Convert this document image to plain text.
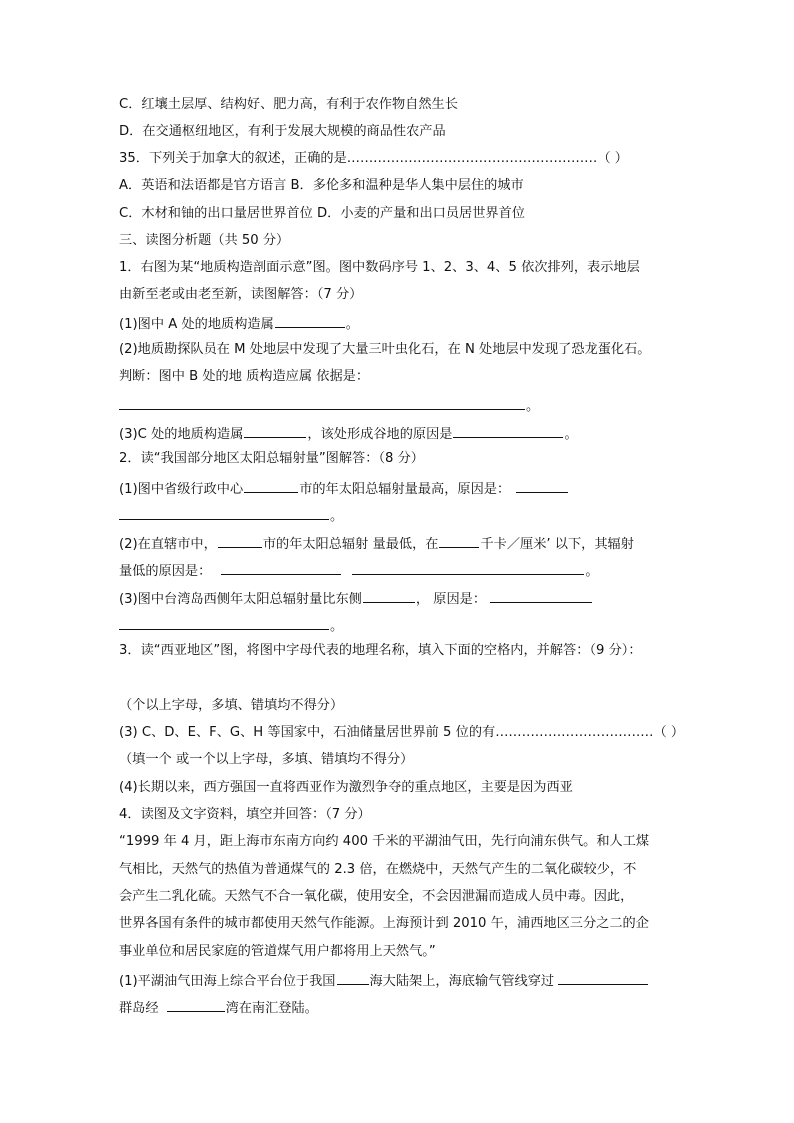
C．红壤土层厚、结构好、肥力高，有利于农作物自然生长
D．在交通枢纽地区，有利于发展大规模的商品性农产品
35．下列关于加拿大的叙述，正确的是…………………………………………………（ ）
A．英语和法语都是官方语言 B．多伦多和温种是华人集中层住的城市
C．木材和铀的出口量居世界首位 D．小麦的产量和出口员居世界首位
三、读图分析题（共 50 分）
1．右图为某“地质构造剖面示意”图。图中数码序号 1、2、3、4、5 依次排列，表示地层
由新至老或由老至新，读图解答：（7 分）
(1)图中 A 处的地质构造属	。
(2)地质勘探队员在 M 处地层中发现了大量三叶虫化石，在 N 处地层中发现了恐龙蛋化石。
判断：图中 B 处的地 质构造应属 依据是：
。
(3)C 处的地质构造属	，该处形成谷地的原因是	。
2．读“我国部分地区太阳总辐射量”图解答：（8 分）
(1)图中省级行政中心	市的年太阳总辐射量最高，原因是：
。
(2)在直辖市中，	市的年太阳总辐射 量最低，在	千卡／厘米’ 以下，其辐射
量低的原因是：	。
(3)图中台湾岛西侧年太阳总辐射量比东侧	， 原因是：
。
3．读“西亚地区”图，将图中字母代表的地理名称，填入下面的空格内，并解答：（9 分）：
（个以上字母，多填、错填均不得分）
(3) C、D、E、F、G、H 等国家中，石油储量居世界前 5 位的有………………………………（ ）
（填一个 或一个以上字母，多填、错填均不得分）
(4)长期以来，西方强国一直将西亚作为激烈争夺的重点地区，主要是因为西亚
4．读图及文字资料，填空并回答：（7 分）
“1999 年 4 月，距上海市东南方向约 400 千米的平湖油气田，先行向浦东供气。和人工煤
气相比，天然气的热值为普通煤气的 2.3 倍，在燃烧中，天然气产生的二氧化碳较少，不
会产生二乳化硫。天然气不合一氧化碳，使用安全，不会因泄漏而造成人员中毒。因此，
世界各国有条件的城市都使用天然气作能源。上海预计到 2010 午，浦西地区三分之二的企
事业单位和居民家庭的管道煤气用户都将用上天然气。”
(1)平湖油气田海上综合平台位于我国	海大陆架上，海底输气管线穿过
群岛经	湾在南汇登陆。
